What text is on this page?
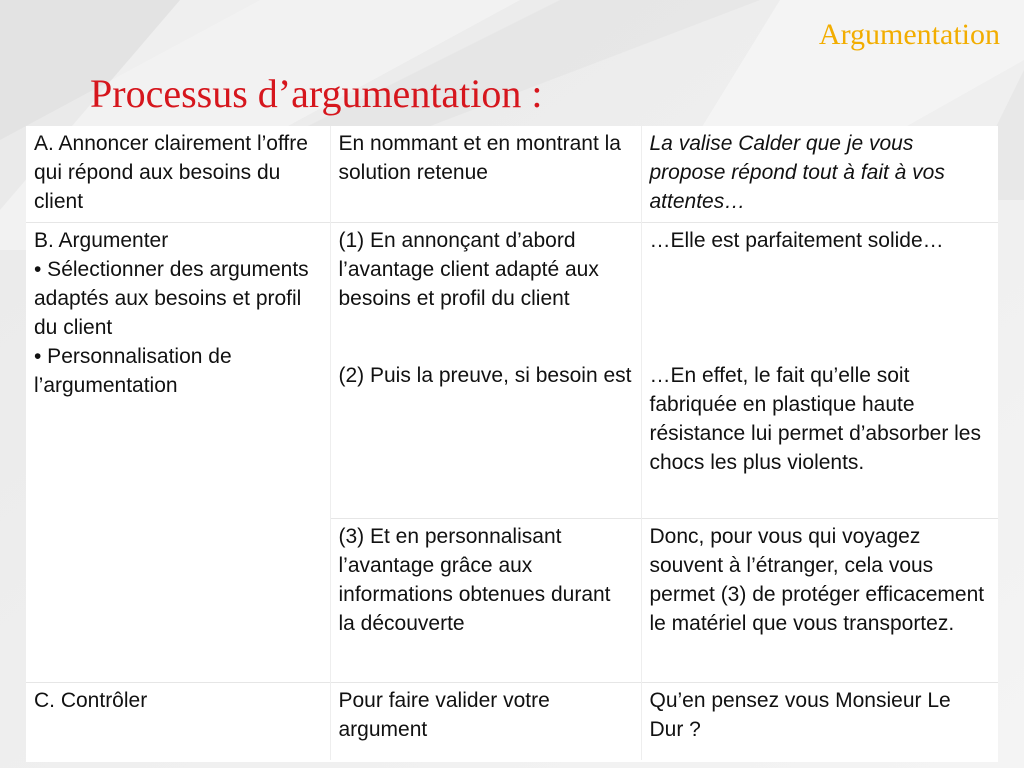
Argumentation
Processus d’argumentation :
A. Annoncer clairement l’offre qui répond aux besoins du client	En nommant et en montrant la solution retenue	La valise Calder que je vous propose répond tout à fait à vos attentes…

B. Argumenter
• Sélectionner des arguments adaptés aux besoins et profil du client
• Personnalisation de l’argumentation	(1) En annonçant d’abord l’avantage client adapté aux besoins et profil du client	…Elle est parfaitement solide…
	(2) Puis la preuve, si besoin est	…En effet, le fait qu’elle soit fabriquée en plastique haute résistance lui permet d’absorber les chocs les plus violents.
	(3) Et en personnalisant l’avantage grâce aux informations obtenues durant la découverte	Donc, pour vous qui voyagez souvent à l’étranger, cela vous permet (3) de protéger efficacement le matériel que vous transportez.
C. Contrôler	Pour faire valider votre argument	Qu’en pensez vous Monsieur Le Dur ?
